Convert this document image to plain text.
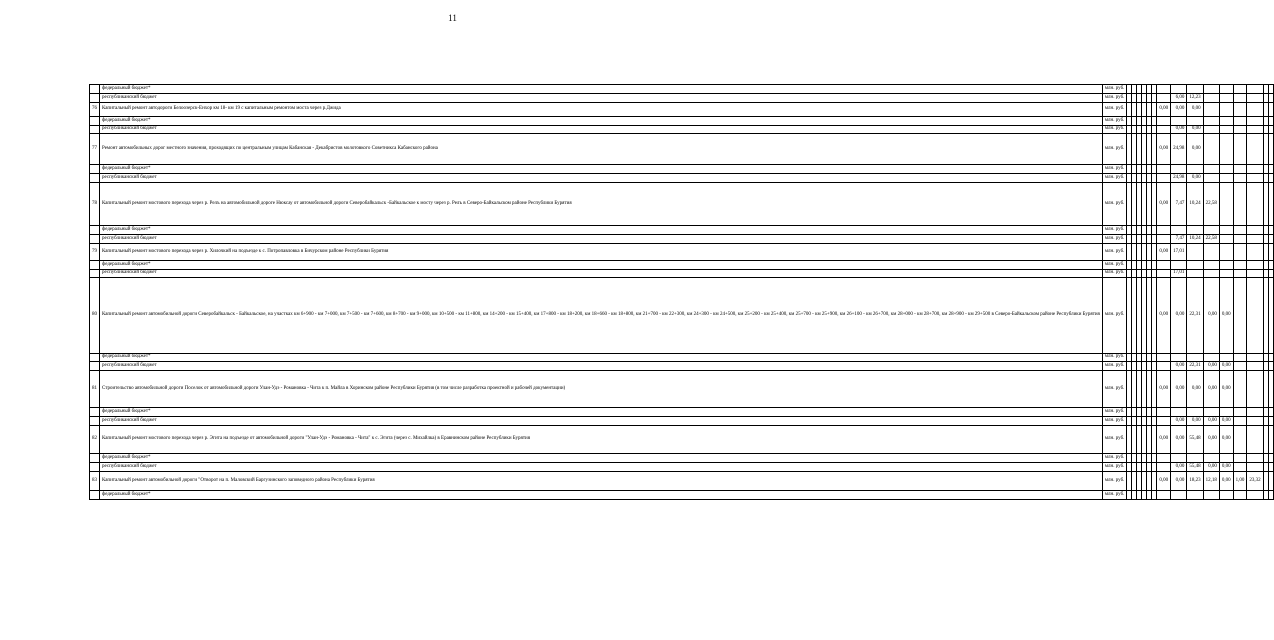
11
	федеральный бюджет*	млн. руб.															
	республиканский бюджет	млн. руб.								6,00	12,23						
76	Капитальный ремонт автодороги Белоозерск-Енхор км 18- км 19 с капитальным ремонтом моста через р.Джида	млн. руб.							0,00	0,00	0,00						
	федеральный бюджет*	млн. руб.															
	республиканский бюджет	млн. руб.								0,00	0,00						
77	Ремонт автомобильных дорог местного значения, проходящих по центральным улицам Кабанская - Декабристов молотовкого Советникса Кабанского района	млн. руб.							0,00	24,98	0,00						
	федеральный бюджет*	млн. руб.															
	республиканский бюджет	млн. руб.								24,98	0,00						
78	Капитальный ремонт мостового перехода через р. Релъ на автомобильной дороге Нюксау от автомобильной дороги Северобайкальск -Байкальское к мосту через р. Релъ в Северо-Байкальском районе Республики Бурятия	млн. руб.							0,00	7,47	10,24	22,58					
	федеральный бюджет*	млн. руб.															
	республиканский бюджет	млн. руб.								7,47	10,24	22,58					
79	Капитальный ремонт мостового перехода через р. Хилочкий на подъезде к с. Потропавловка в Бичурском районе Республики Бурятия	млн. руб.							0,00	17,01							
	федеральный бюджет*	млн. руб.															
	республиканский бюджет	млн. руб.								17,01							
80	Капитальный ремонт автомобильной дороги Северобайкальск - Байкальское, на участках км 6+900 - км 7+000, км 7+500 - км 7+600, км 8+700 - км 9+000, км 10+500 - км 11+800, км 14+200 - км 15+400, км 17+800 - км 18+200, км 18+660 - км 18+800, км 21+700 - км 22+300, км 24+300 - км 24+500, км 25+200 - км 25+400, км 25+700 - км 25+900, км 26+100 - км 26+700, км 28+000 - км 28+700, км 28+900 - км 29+500 в Северо-Байкальском районе Республики Бурятия	млн. руб.							0,00	0,00	22,31	0,00	0,00				
	федеральный бюджет*	млн. руб.															
	республиканский бюджет	млн. руб.								0,00	22,31	0,00	0,00				
81	Строительство автомобильной дороги Поселок от автомобильной дороги Улан-Удэ - Романовка - Чита к п. Майла в Хоринском районе Республики Бурятия (в том числе разработка проектной и рабочей документации)	млн. руб.							0,00	0,00	0,00	0,00	0,00				
	федеральный бюджет*	млн. руб.															
	республиканский бюджет	млн. руб.								0,00	0,00	0,00	0,00				
82	Капитальный ремонт мостового перехода через р. Эгита на подъезде от автомобильной дороги "Улан-Удэ - Романовка - Чита" к с. Эгита (через с. Михайлка) в Еравнинском районе Республики Бурятия	млн. руб.							0,00	0,00	55,48	0,00	0,00				
	федеральный бюджет*	млн. руб.															
	республиканский бюджет	млн. руб.								0,00	55,48	0,00	0,00				
83	Капитальный ремонт автомобильной дороги "Отворот на п. Маловский Баргузинского заповедного района Республики Бурятия	млн. руб.							0,00	0,00	18,23	12,18	0,00	1,00	23,32		
	федеральный бюджет*	млн. руб.															
